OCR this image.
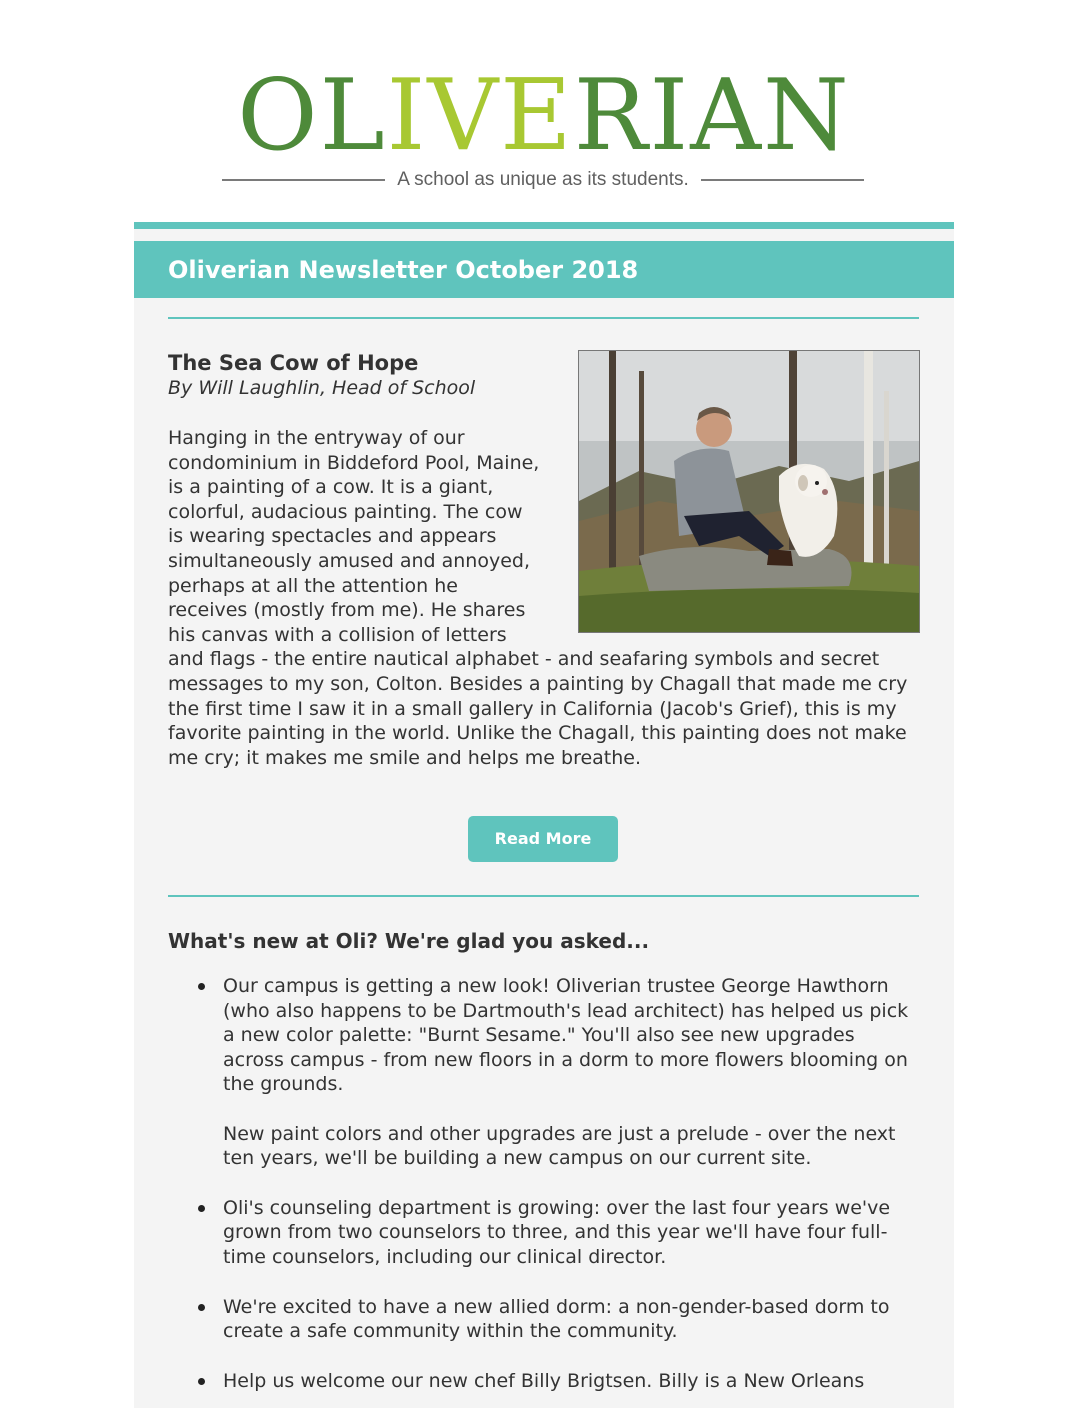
OLIVERIAN
A school as unique as its students.
Oliverian Newsletter October 2018
The Sea Cow of Hope
By Will Laughlin, Head of School

Hanging in the entryway of our condominium in Biddeford Pool, Maine, is a painting of a cow. It is a giant, colorful, audacious painting. The cow is wearing spectacles and appears simultaneously amused and annoyed, perhaps at all the attention he receives (mostly from me). He shares his canvas with a collision of letters and flags - the entire nautical alphabet - and seafaring symbols and secret messages to my son, Colton. Besides a painting by Chagall that made me cry the first time I saw it in a small gallery in California (Jacob's Grief), this is my favorite painting in the world. Unlike the Chagall, this painting does not make me cry; it makes me smile and helps me breathe.

Read More
What's new at Oli? We're glad you asked...

Our campus is getting a new look! Oliverian trustee George Hawthorn (who also happens to be Dartmouth's lead architect) has helped us pick a new color palette: "Burnt Sesame." You'll also see new upgrades across campus - from new floors in a dorm to more flowers blooming on the grounds.

New paint colors and other upgrades are just a prelude - over the next ten years, we'll be building a new campus on our current site.

Oli's counseling department is growing: over the last four years we've grown from two counselors to three, and this year we'll have four full-time counselors, including our clinical director.

We're excited to have a new allied dorm: a non-gender-based dorm to create a safe community within the community.

Help us welcome our new chef Billy Brigtsen. Billy is a New Orleans
